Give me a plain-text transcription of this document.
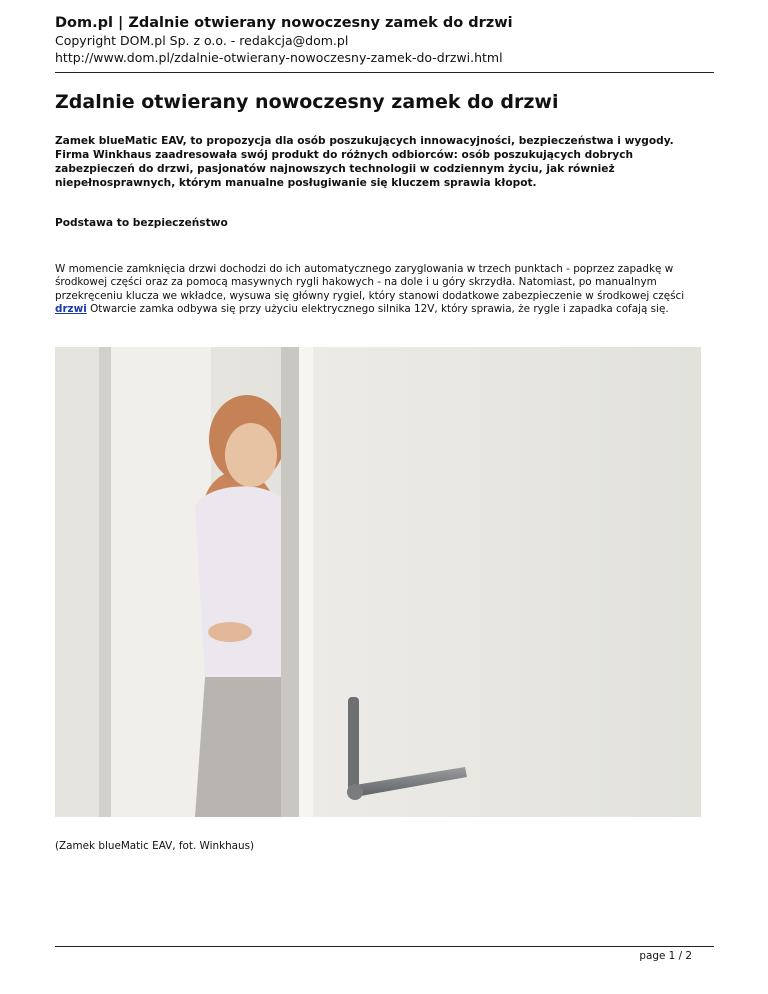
Dom.pl | Zdalnie otwierany nowoczesny zamek do drzwi
Copyright DOM.pl Sp. z o.o. - redakcja@dom.pl
http://www.dom.pl/zdalnie-otwierany-nowoczesny-zamek-do-drzwi.html
Zdalnie otwierany nowoczesny zamek do drzwi
Zamek blueMatic EAV, to propozycja dla osób poszukujących innowacyjności, bezpieczeństwa i wygody. Firma Winkhaus zaadresowała swój produkt do różnych odbiorców: osób poszukujących dobrych zabezpieczeń do drzwi, pasjonatów najnowszych technologii w codziennym życiu, jak również niepełnosprawnych, którym manualne posługiwanie się kluczem sprawia kłopot.
Podstawa to bezpieczeństwo
W momencie zamknięcia drzwi dochodzi do ich automatycznego zaryglowania w trzech punktach - poprzez zapadkę w środkowej części oraz za pomocą masywnych rygli hakowych - na dole i u góry skrzydła. Natomiast, po manualnym przekręceniu klucza we wkładce, wysuwa się główny rygiel, który stanowi dodatkowe zabezpieczenie w środkowej części drzwi Otwarcie zamka odbywa się przy użyciu elektrycznego silnika 12V, który sprawia, że rygle i zapadka cofają się.
(Zamek blueMatic EAV, fot. Winkhaus)
page 1 / 2
